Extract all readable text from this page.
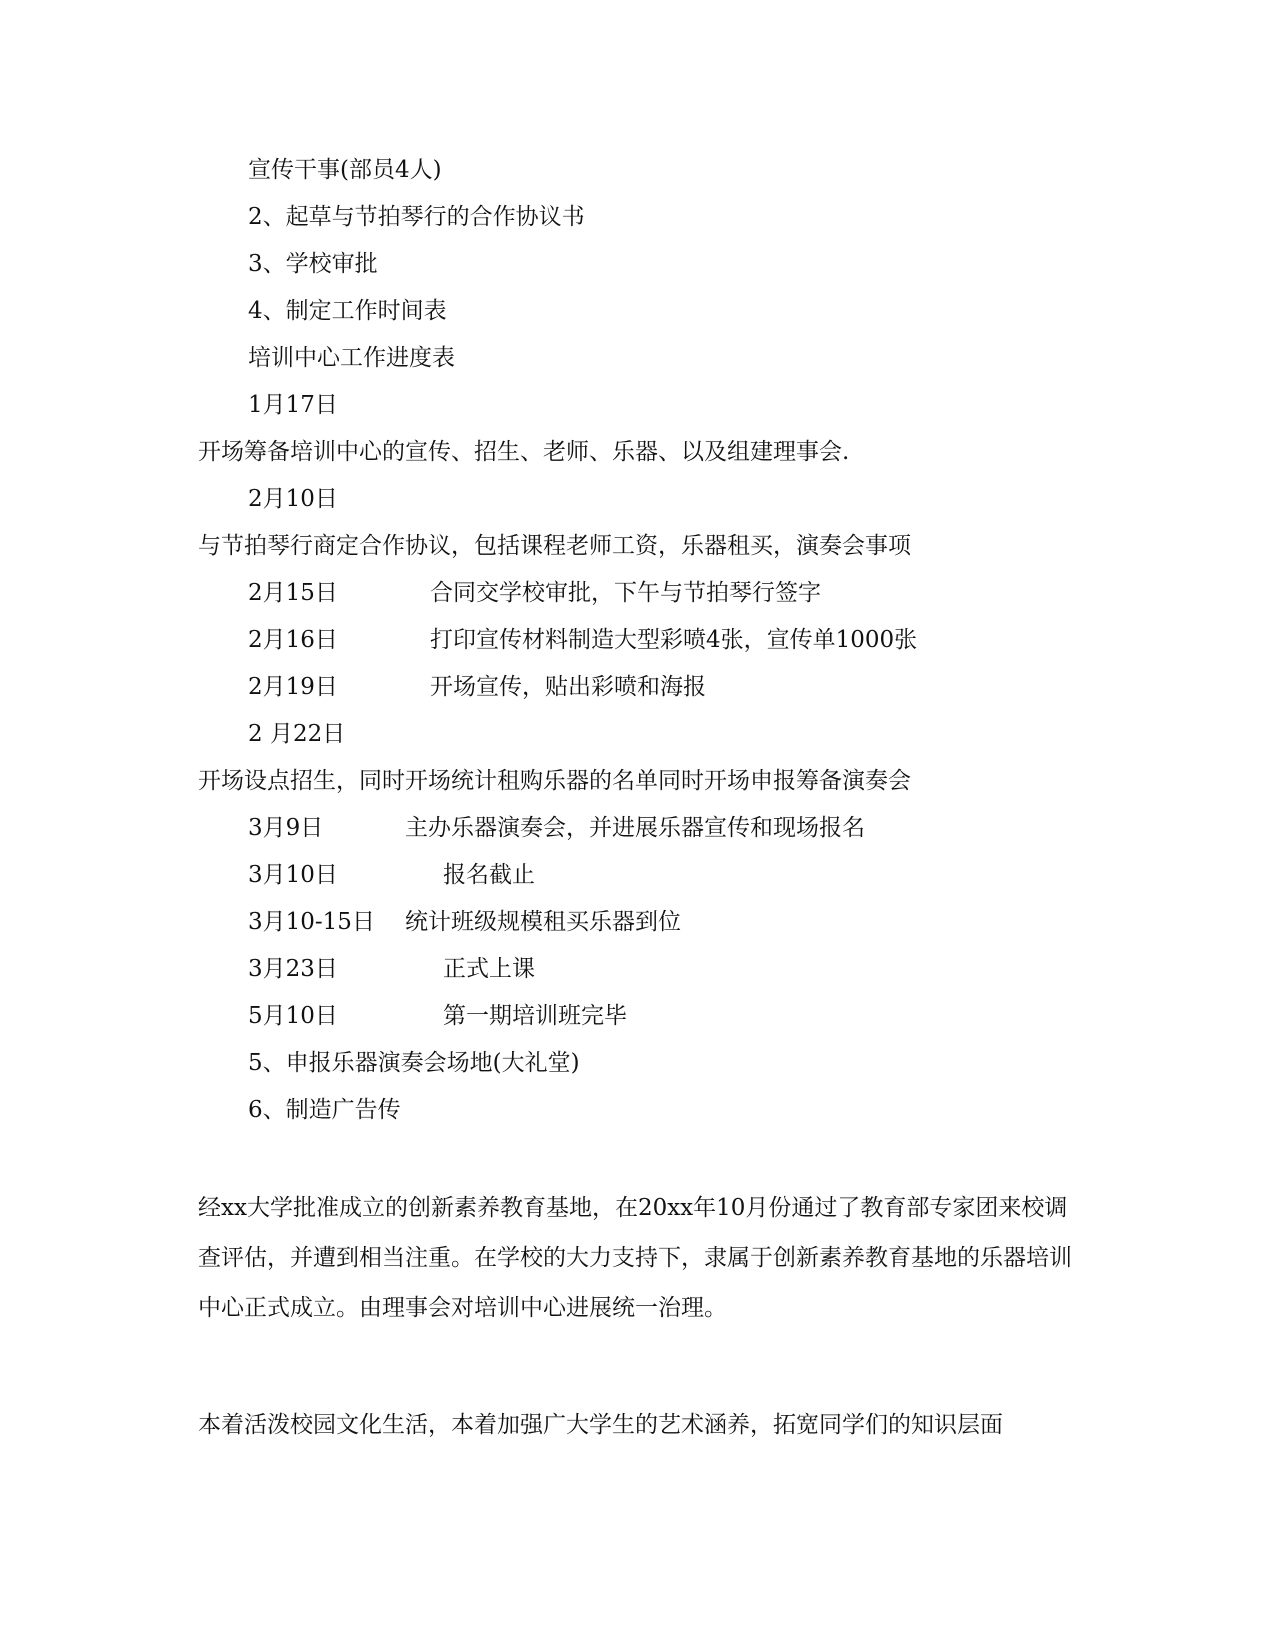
宣传干事(部员4人)
2、起草与节拍琴行的合作协议书
3、学校审批
4、制定工作时间表
培训中心工作进度表
1月17日
开场筹备培训中心的宣传、招生、老师、乐器、以及组建理事会.
2月10日
与节拍琴行商定合作协议，包括课程老师工资，乐器租买，演奏会事项
2月15日	合同交学校审批，下午与节拍琴行签字
2月16日	打印宣传材料制造大型彩喷4张，宣传单1000张
2月19日	开场宣传，贴出彩喷和海报
2 月22日
开场设点招生，同时开场统计租购乐器的名单同时开场申报筹备演奏会
3月9日	主办乐器演奏会，并进展乐器宣传和现场报名
3月10日	报名截止
3月10-15日 统计班级规模租买乐器到位
3月23日	正式上课
5月10日	第一期培训班完毕
5、申报乐器演奏会场地(大礼堂)
6、制造广告传
经xx大学批准成立的创新素养教育基地，在20xx年10月份通过了教育部专家团来校调查评估，并遭到相当注重。在学校的大力支持下，隶属于创新素养教育基地的乐器培训中心正式成立。由理事会对培训中心进展统一治理。
本着活泼校园文化生活，本着加强广大学生的艺术涵养，拓宽同学们的知识层面
